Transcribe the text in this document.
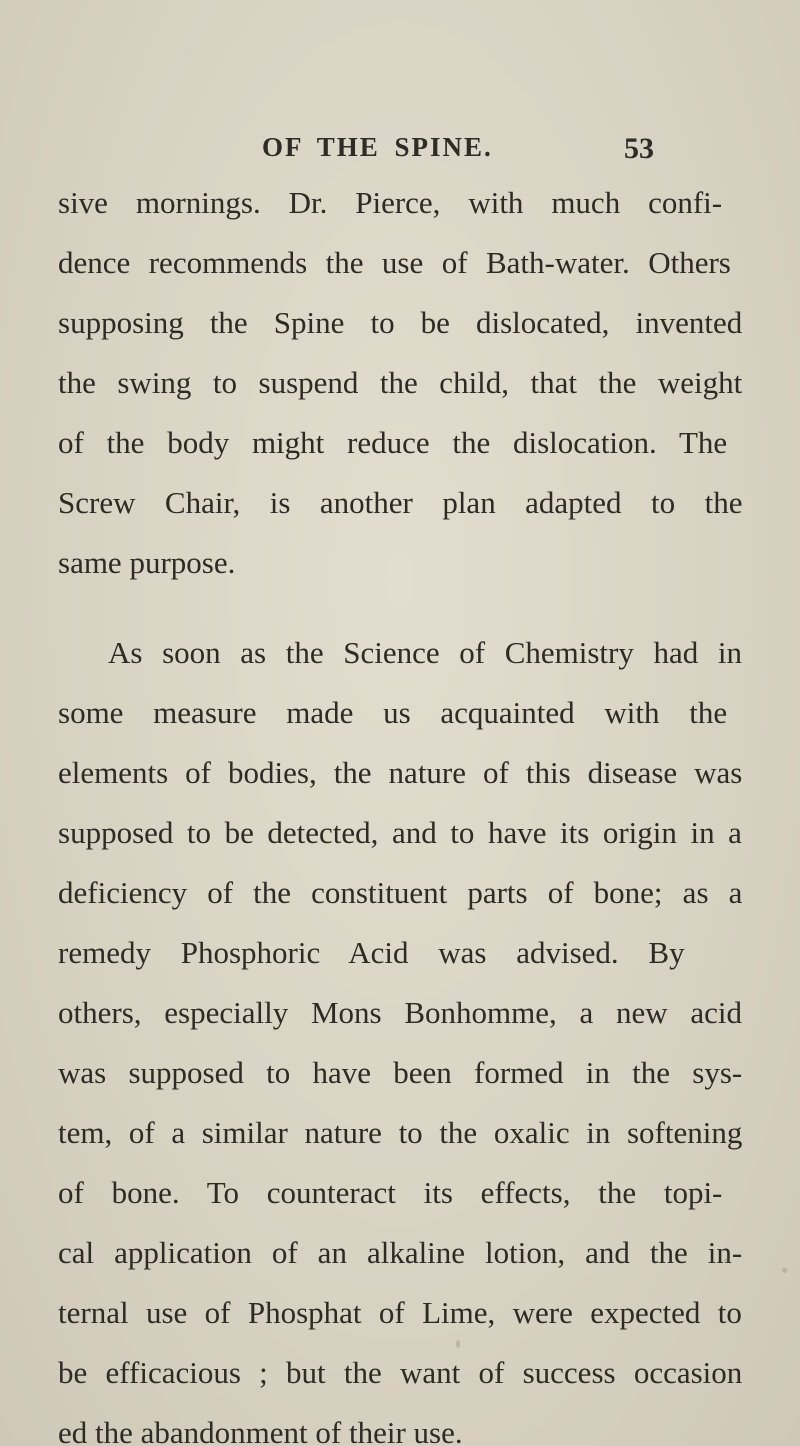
OF THE SPINE.	53
sive mornings. Dr. Pierce, with much confi-
dence recommends the use of Bath-water. Others
supposing the Spine to be dislocated, invented
the swing to suspend the child, that the weight
of the body might reduce the dislocation. The
Screw Chair, is another plan adapted to the
same purpose.
As soon as the Science of Chemistry had in
some measure made us acquainted with the
elements of bodies, the nature of this disease was
supposed to be detected, and to have its origin in a
deficiency of the constituent parts of bone; as a
remedy Phosphoric Acid was advised. By
others, especially Mons Bonhomme, a new acid
was supposed to have been formed in the sys-
tem, of a similar nature to the oxalic in softening
of bone. To counteract its effects, the topi-
cal application of an alkaline lotion, and the in-
ternal use of Phosphat of Lime, were expected to
be efficacious ; but the want of success occasion
ed the abandonment of their use.
